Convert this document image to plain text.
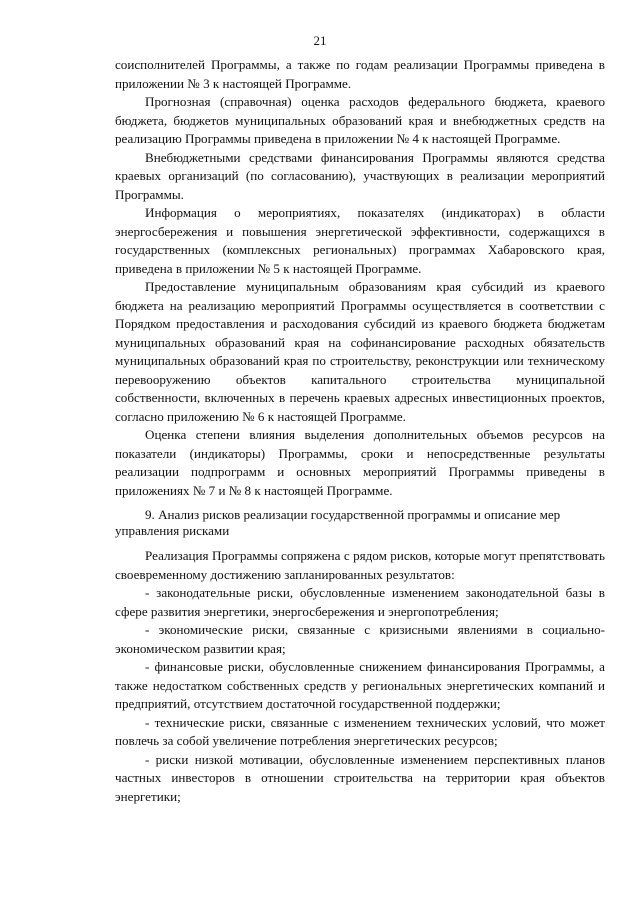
21

соисполнителей Программы, а также по годам реализации Программы приведена в приложении № 3 к настоящей Программе.

Прогнозная (справочная) оценка расходов федерального бюджета, краевого бюджета, бюджетов муниципальных образований края и внебюджетных средств на реализацию Программы приведена в приложении № 4 к настоящей Программе.

Внебюджетными средствами финансирования Программы являются средства краевых организаций (по согласованию), участвующих в реализации мероприятий Программы.

Информация о мероприятиях, показателях (индикаторах) в области энергосбережения и повышения энергетической эффективности, содержащихся в государственных (комплексных региональных) программах Хабаровского края, приведена в приложении № 5 к настоящей Программе.

Предоставление муниципальным образованиям края субсидий из краевого бюджета на реализацию мероприятий Программы осуществляется в соответствии с Порядком предоставления и расходования субсидий из краевого бюджета бюджетам муниципальных образований края на софинансирование расходных обязательств муниципальных образований края по строительству, реконструкции или техническому перевооружению объектов капитального строительства муниципальной собственности, включенных в перечень краевых адресных инвестиционных проектов, согласно приложению № 6 к настоящей Программе.

Оценка степени влияния выделения дополнительных объемов ресурсов на показатели (индикаторы) Программы, сроки и непосредственные результаты реализации подпрограмм и основных мероприятий Программы приведены в приложениях № 7 и № 8 к настоящей Программе.

9. Анализ рисков реализации государственной программы и описание мер управления рисками

Реализация Программы сопряжена с рядом рисков, которые могут препятствовать своевременному достижению запланированных результатов:

- законодательные риски, обусловленные изменением законодательной базы в сфере развития энергетики, энергосбережения и энергопотребления;

- экономические риски, связанные с кризисными явлениями в социально-экономическом развитии края;

- финансовые риски, обусловленные снижением финансирования Программы, а также недостатком собственных средств у региональных энергетических компаний и предприятий, отсутствием достаточной государственной поддержки;

- технические риски, связанные с изменением технических условий, что может повлечь за собой увеличение потребления энергетических ресурсов;

- риски низкой мотивации, обусловленные изменением перспективных планов частных инвесторов в отношении строительства на территории края объектов энергетики;
